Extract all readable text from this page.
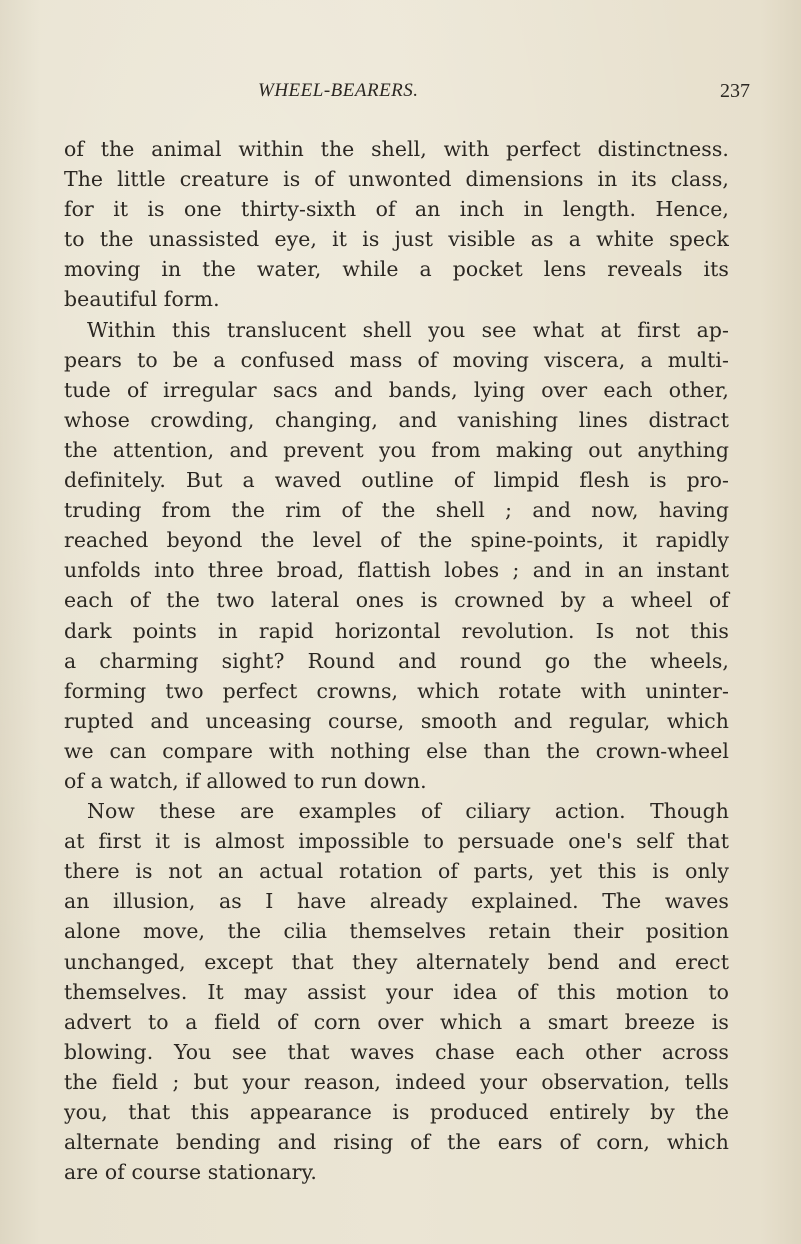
WHEEL-BEARERS.	237
of the animal within the shell, with perfect distinctness.
The little creature is of unwonted dimensions in its class,
for it is one thirty-sixth of an inch in length. Hence,
to the unassisted eye, it is just visible as a white speck
moving in the water, while a pocket lens reveals its
beautiful form.
Within this translucent shell you see what at first ap-
pears to be a confused mass of moving viscera, a multi-
tude of irregular sacs and bands, lying over each other,
whose crowding, changing, and vanishing lines distract
the attention, and prevent you from making out anything
definitely. But a waved outline of limpid flesh is pro-
truding from the rim of the shell ; and now, having
reached beyond the level of the spine-points, it rapidly
unfolds into three broad, flattish lobes ; and in an instant
each of the two lateral ones is crowned by a wheel of
dark points in rapid horizontal revolution. Is not this
a charming sight? Round and round go the wheels,
forming two perfect crowns, which rotate with uninter-
rupted and unceasing course, smooth and regular, which
we can compare with nothing else than the crown-wheel
of a watch, if allowed to run down.
Now these are examples of ciliary action. Though
at first it is almost impossible to persuade one's self that
there is not an actual rotation of parts, yet this is only
an illusion, as I have already explained. The waves
alone move, the cilia themselves retain their position
unchanged, except that they alternately bend and erect
themselves. It may assist your idea of this motion to
advert to a field of corn over which a smart breeze is
blowing. You see that waves chase each other across
the field ; but your reason, indeed your observation, tells
you, that this appearance is produced entirely by the
alternate bending and rising of the ears of corn, which
are of course stationary.
